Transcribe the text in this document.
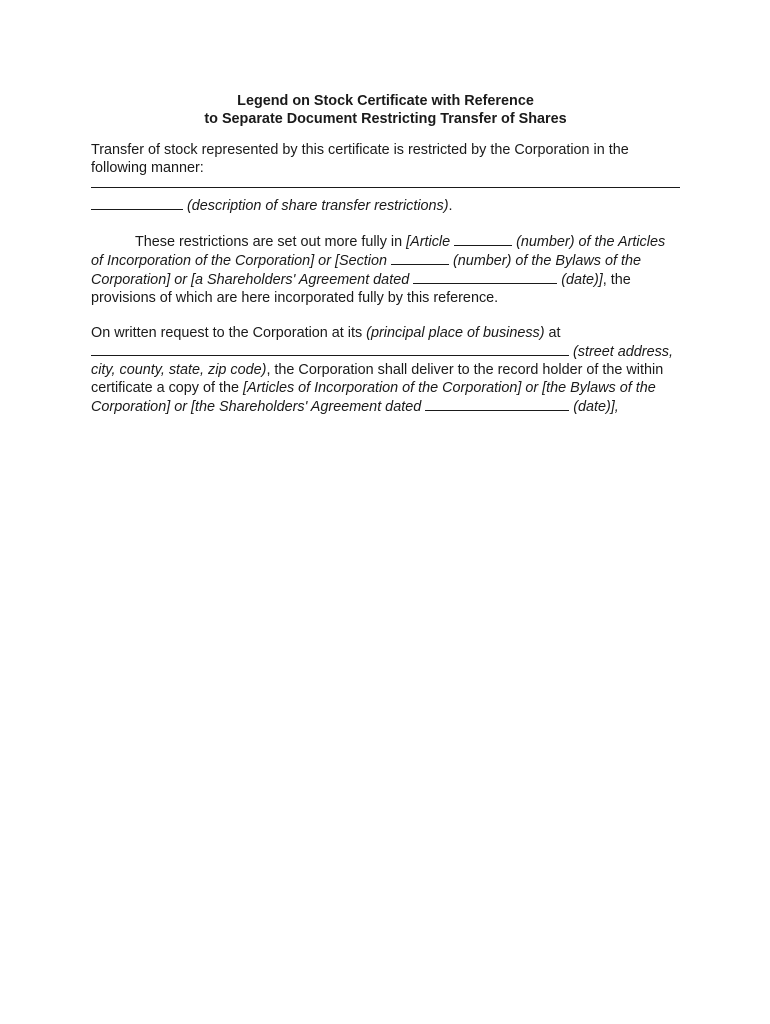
Legend on Stock Certificate with Reference
to Separate Document Restricting Transfer of Shares

Transfer of stock represented by this certificate is restricted by the Corporation in the following manner:

(description of share transfer restrictions).

These restrictions are set out more fully in [Article	(number) of the Articles of Incorporation of the Corporation] or [Section	(number) of the Bylaws of the Corporation] or [a Shareholders' Agreement dated	(date)], the provisions of which are here incorporated fully by this reference.

On written request to the Corporation at its (principal place of business) at  (street address, city, county, state, zip code), the Corporation shall deliver to the record holder of the within certificate a copy of the [Articles of Incorporation of the Corporation] or [the Bylaws of the Corporation] or [the Shareholders' Agreement dated	(date)],
